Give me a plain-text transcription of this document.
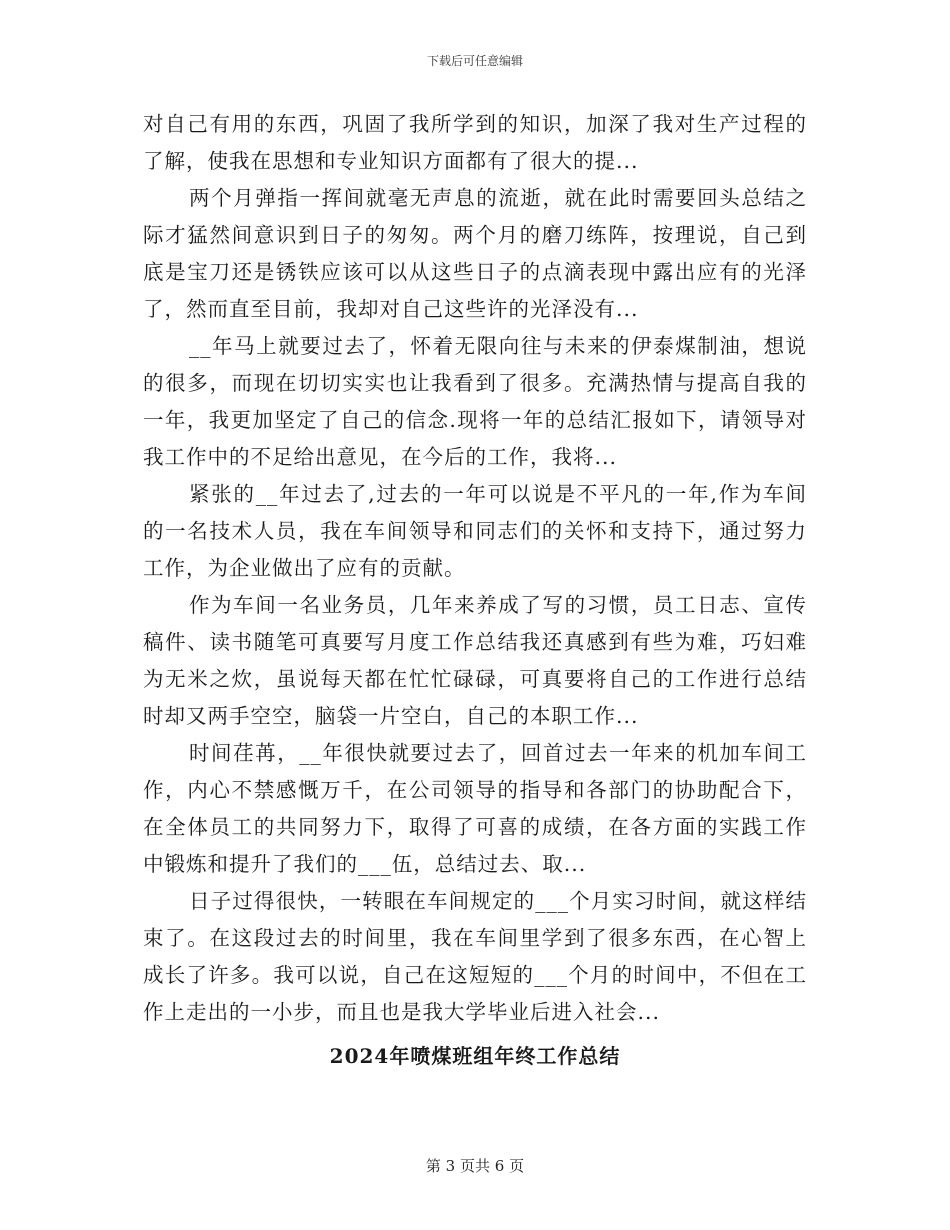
下载后可任意编辑

对自己有用的东西，巩固了我所学到的知识，加深了我对生产过程的了解，使我在思想和专业知识方面都有了很大的提...

两个月弹指一挥间就毫无声息的流逝，就在此时需要回头总结之际才猛然间意识到日子的匆匆。两个月的磨刀练阵，按理说，自己到底是宝刀还是锈铁应该可以从这些日子的点滴表现中露出应有的光泽了，然而直至目前，我却对自己这些许的光泽没有...

__年马上就要过去了，怀着无限向往与未来的伊泰煤制油，想说的很多，而现在切切实实也让我看到了很多。充满热情与提高自我的一年，我更加坚定了自己的信念.现将一年的总结汇报如下，请领导对我工作中的不足给出意见，在今后的工作，我将...

紧张的__年过去了,过去的一年可以说是不平凡的一年,作为车间的一名技术人员，我在车间领导和同志们的关怀和支持下，通过努力工作，为企业做出了应有的贡献。

作为车间一名业务员，几年来养成了写的习惯，员工日志、宣传稿件、读书随笔可真要写月度工作总结我还真感到有些为难，巧妇难为无米之炊，虽说每天都在忙忙碌碌，可真要将自己的工作进行总结时却又两手空空，脑袋一片空白，自己的本职工作...

时间荏苒，__年很快就要过去了，回首过去一年来的机加车间工作，内心不禁感慨万千，在公司领导的指导和各部门的协助配合下，在全体员工的共同努力下，取得了可喜的成绩，在各方面的实践工作中锻炼和提升了我们的___伍，总结过去、取...

日子过得很快，一转眼在车间规定的___个月实习时间，就这样结束了。在这段过去的时间里，我在车间里学到了很多东西，在心智上成长了许多。我可以说，自己在这短短的___个月的时间中，不但在工作上走出的一小步，而且也是我大学毕业后进入社会...

2024年喷煤班组年终工作总结

第 3 页共 6 页
